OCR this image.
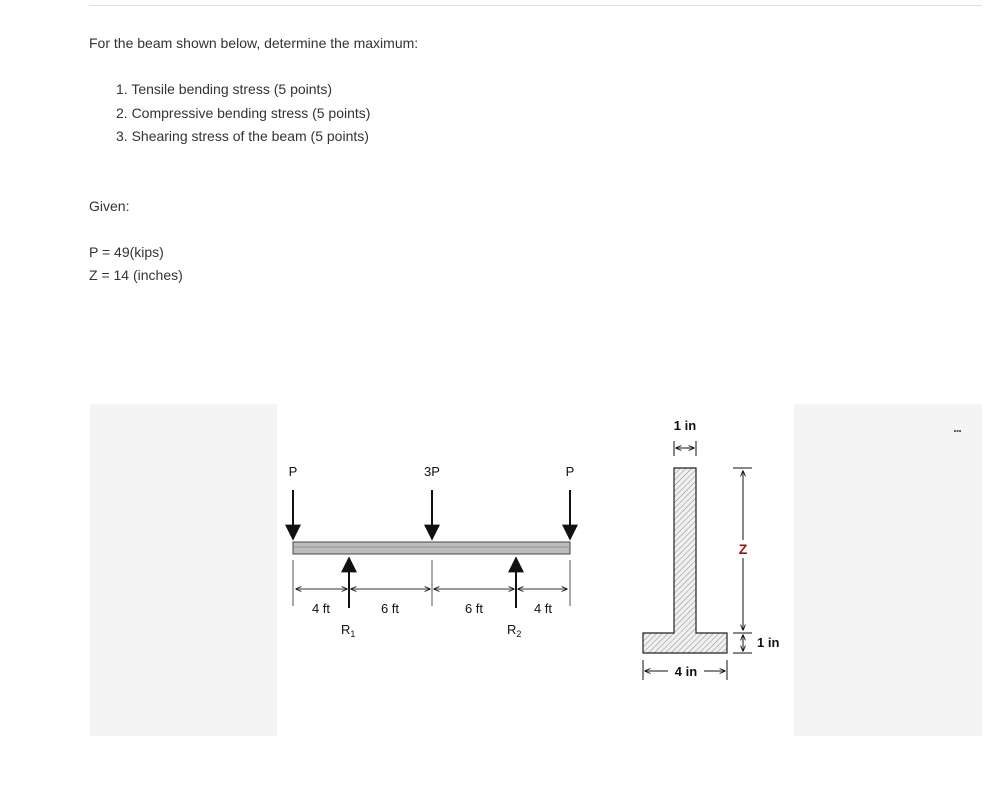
For the beam shown below, determine the maximum:
1. Tensile bending stress (5 points)
2. Compressive bending stress (5 points)
3. Shearing stress of the beam (5 points)
Given:
P = 49(kips)
Z = 14 (inches)
...
P	3P	P
4 ft	6 ft	6 ft	4 ft
$R_1$	$R_2$
1 in
Z
1 in
4 in
